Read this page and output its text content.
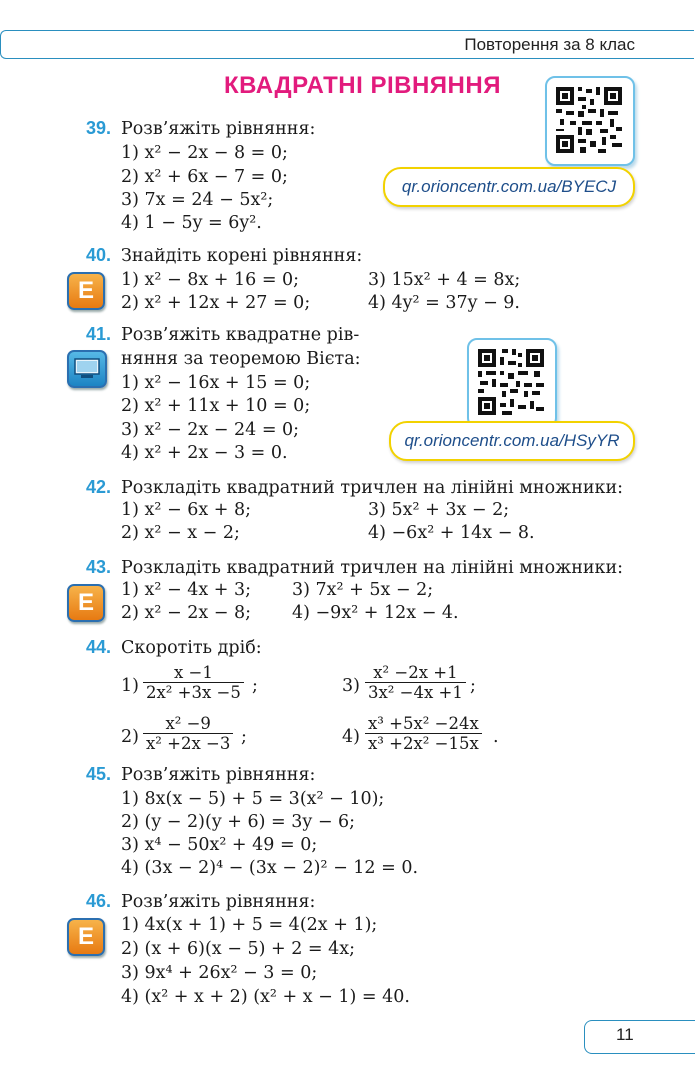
Повторення за 8 клас
КВАДРАТНІ РІВНЯННЯ
qr.orioncentr.com.ua/BYECJ
qr.orioncentr.com.ua/HSyYR
39. Розв’яжіть рівняння:
1) x² − 2x − 8 = 0;
2) x² + 6x − 7 = 0;
3) 7x = 24 − 5x²;
4) 1 − 5y = 6y².
40.
E
Знайдіть корені рівняння:
1) x² − 8x + 16 = 0;	3) 15x² + 4 = 8x;
2) x² + 12x + 27 = 0;	4) 4y² = 37y − 9.
41. Розв’яжіть квадратне рів-
няння за теоремою Вієта:
1) x² − 16x + 15 = 0;
2) x² + 11x + 10 = 0;
3) x² − 2x − 24 = 0;
4) x² + 2x − 3 = 0.
42. Розкладіть квадратний тричлен на лінійні множники:
1) x² − 6x + 8;	3) 5x² + 3x − 2;
2) x² − x − 2;	4) −6x² + 14x − 8.
43.
E
Розкладіть квадратний тричлен на лінійні множники:
1) x² − 4x + 3; 3) 7x² + 5x − 2;
2) x² − 2x − 8; 4) −9x² + 12x − 4.
44. Скоротіть дріб:
$1) \frac{x -1}{\text{2x² +3x −5}}$ ;	$3) \frac{\text{x² −2x +1}}{\text{3x² −4x +1}}$ ;
$2) \frac{\text{x² −9}}{\text{x² +2x −3}}$ ;	$4) \frac{\text{x³ +5x² −24x}}{\text{x³ +2x² −15x}}$ .
45. Розв’яжіть рівняння:
1) 8x(x − 5) + 5 = 3(x² − 10);
2) (y − 2)(y + 6) = 3y − 6;
3) x⁴ − 50x² + 49 = 0;
4) (3x − 2)⁴ − (3x − 2)² − 12 = 0.
46.
E
Розв’яжіть рівняння:
1) 4x(x + 1) + 5 = 4(2x + 1);
2) (x + 6)(x − 5) + 2 = 4x;
3) 9x⁴ + 26x² − 3 = 0;
4) (x² + x + 2) (x² + x − 1) = 40.
11
